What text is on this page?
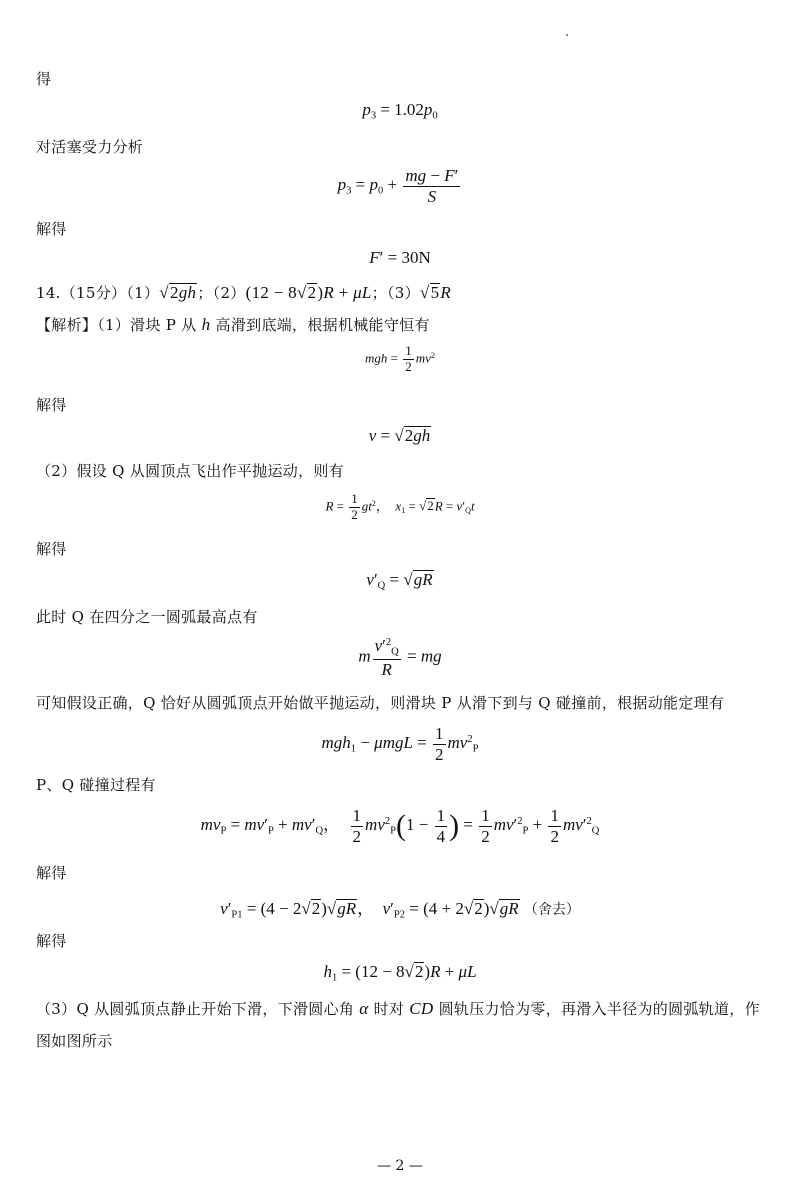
得
$p_3 = 1.02p_0$
对活塞受力分析
$p_3 = p_0 + \frac{mg - F'}{S}$
解得
F′ = 30N
14.（15分）（1）√2gh；（2）(12 − 8√2)R + μL；（3）√5R
【解析】（1）滑块 P 从 h 高滑到底端，根据机械能守恒有
mgh = $\frac{1}{2} mv^2$
解得
v = √2gh
（2）假设 Q 从圆顶点飞出作平抛运动，则有
$R = \frac{1}{2} gt^2$，  $x_1 = √2R = v'_Qt$
解得
$v'_Q = √gR$
此时 Q 在四分之一圆弧最高点有
m $\frac{v'^2_Q}{R}$ = mg
可知假设正确，Q 恰好从圆弧顶点开始做平抛运动，则滑块 P 从滑下到与 Q 碰撞前，根据动能定理有
$mgh_1 - \mu mgL = \frac{1}{2} mv^2_P$
P、Q 碰撞过程有
$mv_P = mv'_P + mv'_Q$， $\frac{1}{2} mv^2_P(1 - \frac{1}{4}$ ) = $\frac{1}{2} mv'^2_P + \frac{1}{2} mv'^2_Q$
解得
$v'_{P1} = (4 - 2√2)√gR$，  $v'_{P2} = (4 + 2√2)√gR$ （舍去）
解得
$h_1 = (12 - 8√2)R + \mu L$
（3）Q 从圆弧顶点静止开始下滑，下滑圆心角 α 时对 CD 圆轨压力恰为零，再滑入半径为的圆弧轨道，作
图如图所示
— 2 —
